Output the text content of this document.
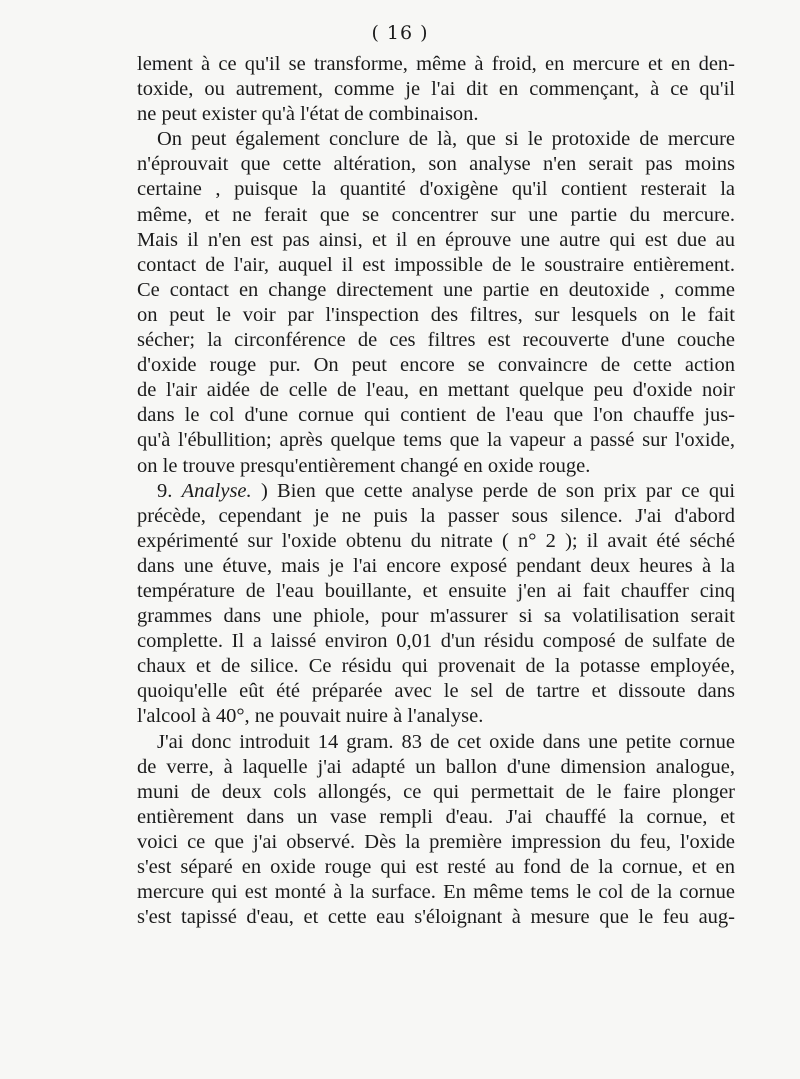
( 16 )
lement à ce qu'il se transforme, même à froid, en mercure et en den-
toxide, ou autrement, comme je l'ai dit en commençant, à ce qu'il
ne peut exister qu'à l'état de combinaison.
On peut également conclure de là, que si le protoxide de mercure
n'éprouvait que cette altération, son analyse n'en serait pas moins
certaine , puisque la quantité d'oxigène qu'il contient resterait la
même, et ne ferait que se concentrer sur une partie du mercure.
Mais il n'en est pas ainsi, et il en éprouve une autre qui est due au
contact de l'air, auquel il est impossible de le soustraire entièrement.
Ce contact en change directement une partie en deutoxide , comme
on peut le voir par l'inspection des filtres, sur lesquels on le fait
sécher; la circonférence de ces filtres est recouverte d'une couche
d'oxide rouge pur. On peut encore se convaincre de cette action
de l'air aidée de celle de l'eau, en mettant quelque peu d'oxide noir
dans le col d'une cornue qui contient de l'eau que l'on chauffe jus-
qu'à l'ébullition; après quelque tems que la vapeur a passé sur l'oxide,
on le trouve presqu'entièrement changé en oxide rouge.
9. Analyse. ) Bien que cette analyse perde de son prix par ce qui
précède, cependant je ne puis la passer sous silence. J'ai d'abord
expérimenté sur l'oxide obtenu du nitrate ( n° 2 ); il avait été séché
dans une étuve, mais je l'ai encore exposé pendant deux heures à la
température de l'eau bouillante, et ensuite j'en ai fait chauffer cinq
grammes dans une phiole, pour m'assurer si sa volatilisation serait
complette. Il a laissé environ 0,01 d'un résidu composé de sulfate de
chaux et de silice. Ce résidu qui provenait de la potasse employée,
quoiqu'elle eût été préparée avec le sel de tartre et dissoute dans
l'alcool à 40°, ne pouvait nuire à l'analyse.
J'ai donc introduit 14 gram. 83 de cet oxide dans une petite cornue
de verre, à laquelle j'ai adapté un ballon d'une dimension analogue,
muni de deux cols allongés, ce qui permettait de le faire plonger
entièrement dans un vase rempli d'eau. J'ai chauffé la cornue, et
voici ce que j'ai observé. Dès la première impression du feu, l'oxide
s'est séparé en oxide rouge qui est resté au fond de la cornue, et en
mercure qui est monté à la surface. En même tems le col de la cornue
s'est tapissé d'eau, et cette eau s'éloignant à mesure que le feu aug-
